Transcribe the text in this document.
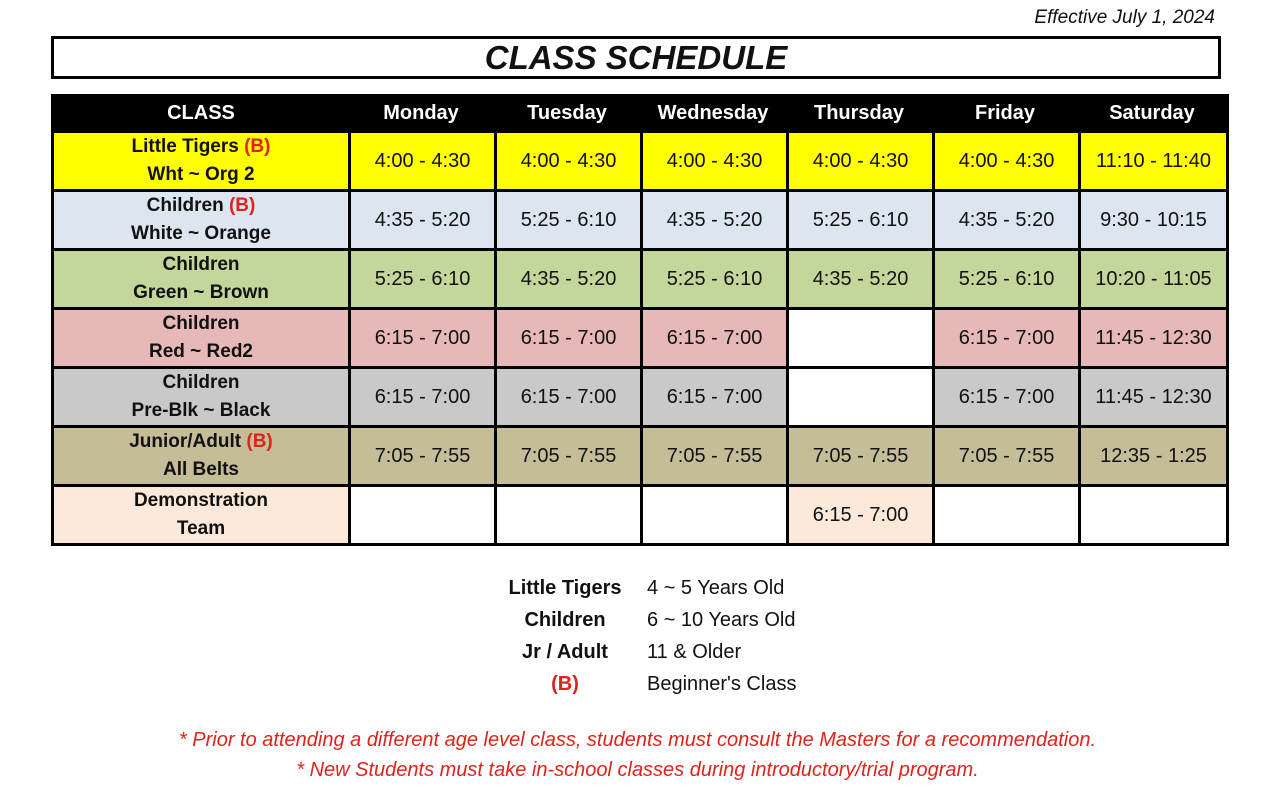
Effective July 1, 2024
CLASS SCHEDULE
CLASS	Monday	Tuesday	Wednesday	Thursday	Friday	Saturday
Little Tigers (B)
Wht ~ Org 2	4:00 - 4:30	4:00 - 4:30	4:00 - 4:30	4:00 - 4:30	4:00 - 4:30	11:10 - 11:40
Children (B)
White ~ Orange	4:35 - 5:20	5:25 - 6:10	4:35 - 5:20	5:25 - 6:10	4:35 - 5:20	9:30 - 10:15
Children
Green ~ Brown	5:25 - 6:10	4:35 - 5:20	5:25 - 6:10	4:35 - 5:20	5:25 - 6:10	10:20 - 11:05
Children
Red ~ Red2	6:15 - 7:00	6:15 - 7:00	6:15 - 7:00		6:15 - 7:00	11:45 - 12:30
Children
Pre-Blk ~ Black	6:15 - 7:00	6:15 - 7:00	6:15 - 7:00		6:15 - 7:00	11:45 - 12:30
Junior/Adult (B)
All Belts	7:05 - 7:55	7:05 - 7:55	7:05 - 7:55	7:05 - 7:55	7:05 - 7:55	12:35 - 1:25
Demonstration
Team				6:15 - 7:00		
Little Tigers	4 ~ 5 Years Old
Children	6 ~ 10 Years Old
Jr / Adult	11 & Older
(B)	Beginner's Class
* Prior to attending a different age level class, students must consult the Masters for a recommendation.
* New Students must take in-school classes during introductory/trial program.
